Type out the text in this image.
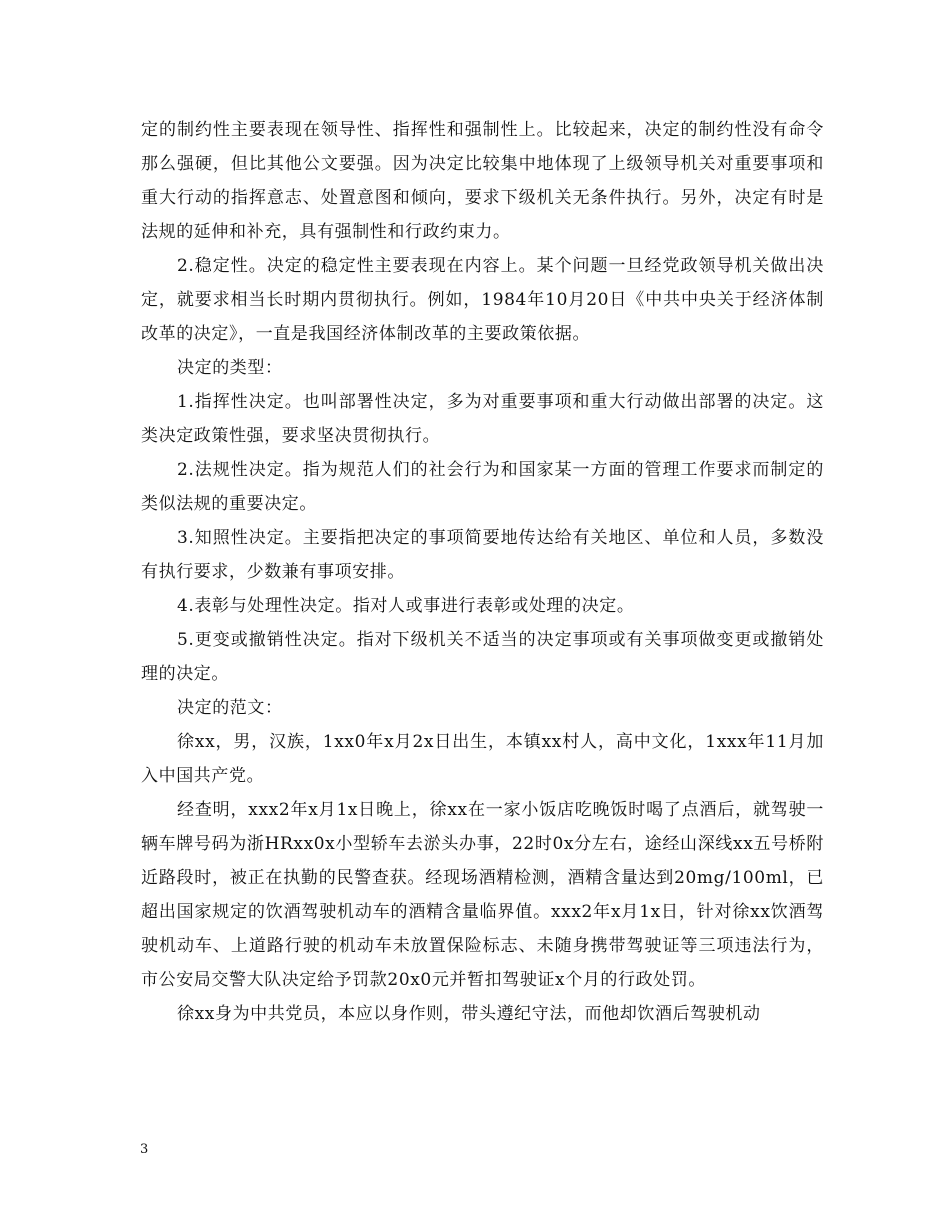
定的制约性主要表现在领导性、指挥性和强制性上。比较起来，决定的制约性没有命令那么强硬，但比其他公文要强。因为决定比较集中地体现了上级领导机关对重要事项和重大行动的指挥意志、处置意图和倾向，要求下级机关无条件执行。另外，决定有时是法规的延伸和补充，具有强制性和行政约束力。

2.稳定性。决定的稳定性主要表现在内容上。某个问题一旦经党政领导机关做出决定，就要求相当长时期内贯彻执行。例如，1984年10月20日《中共中央关于经济体制改革的决定》，一直是我国经济体制改革的主要政策依据。

决定的类型：

1.指挥性决定。也叫部署性决定，多为对重要事项和重大行动做出部署的决定。这类决定政策性强，要求坚决贯彻执行。

2.法规性决定。指为规范人们的社会行为和国家某一方面的管理工作要求而制定的类似法规的重要决定。

3.知照性决定。主要指把决定的事项简要地传达给有关地区、单位和人员，多数没有执行要求，少数兼有事项安排。

4.表彰与处理性决定。指对人或事进行表彰或处理的决定。

5.更变或撤销性决定。指对下级机关不适当的决定事项或有关事项做变更或撤销处理的决定。

决定的范文：

徐xx，男，汉族，1xx0年x月2x日出生，本镇xx村人，高中文化，1xxx年11月加入中国共产党。

经查明，xxx2年x月1x日晚上，徐xx在一家小饭店吃晚饭时喝了点酒后，就驾驶一辆车牌号码为浙HRxx0x小型轿车去淤头办事，22时0x分左右，途经山深线xx五号桥附近路段时，被正在执勤的民警查获。经现场酒精检测，酒精含量达到20mg/100ml，已超出国家规定的饮酒驾驶机动车的酒精含量临界值。xxx2年x月1x日，针对徐xx饮酒驾驶机动车、上道路行驶的机动车未放置保险标志、未随身携带驾驶证等三项违法行为，市公安局交警大队决定给予罚款20x0元并暂扣驾驶证x个月的行政处罚。

徐xx身为中共党员，本应以身作则，带头遵纪守法，而他却饮酒后驾驶机动

3
